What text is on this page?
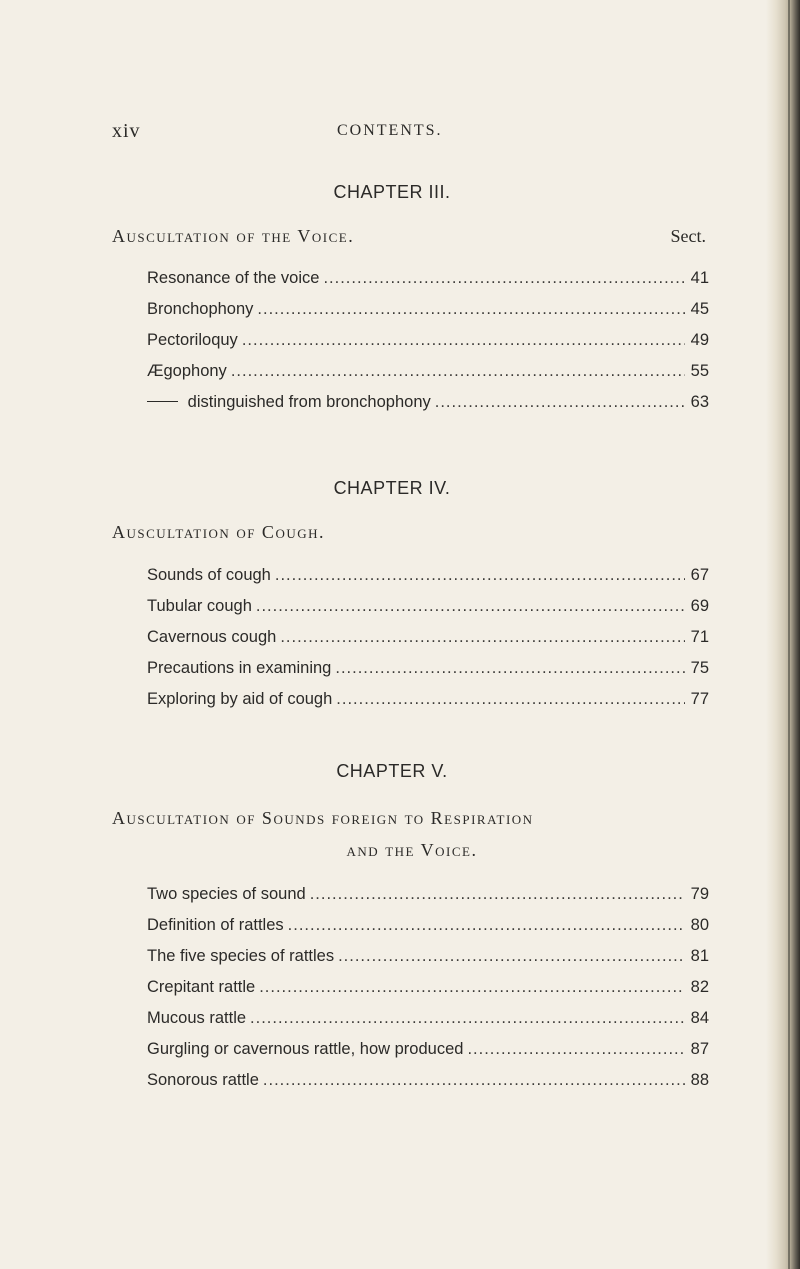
xiv	CONTENTS.
CHAPTER III.
Auscultation of the Voice.	Sect.
Resonance of the voice .....	41
Bronchophony .....	45
Pectoriloquy .....	49
Ægophony .....	55
distinguished from bronchophony .....	63
CHAPTER IV.
Auscultation of Cough.
Sounds of cough .....	67
Tubular cough .....	69
Cavernous cough .....	71
Precautions in examining .....	75
Exploring by aid of cough .....	77
CHAPTER V.
Auscultation of Sounds foreign to Respiration
and the Voice.
Two species of sound .....	79
Definition of rattles .....	80
The five species of rattles .....	81
Crepitant rattle .....	82
Mucous rattle .....	84
Gurgling or cavernous rattle, how produced .....	87
Sonorous rattle .....	88
